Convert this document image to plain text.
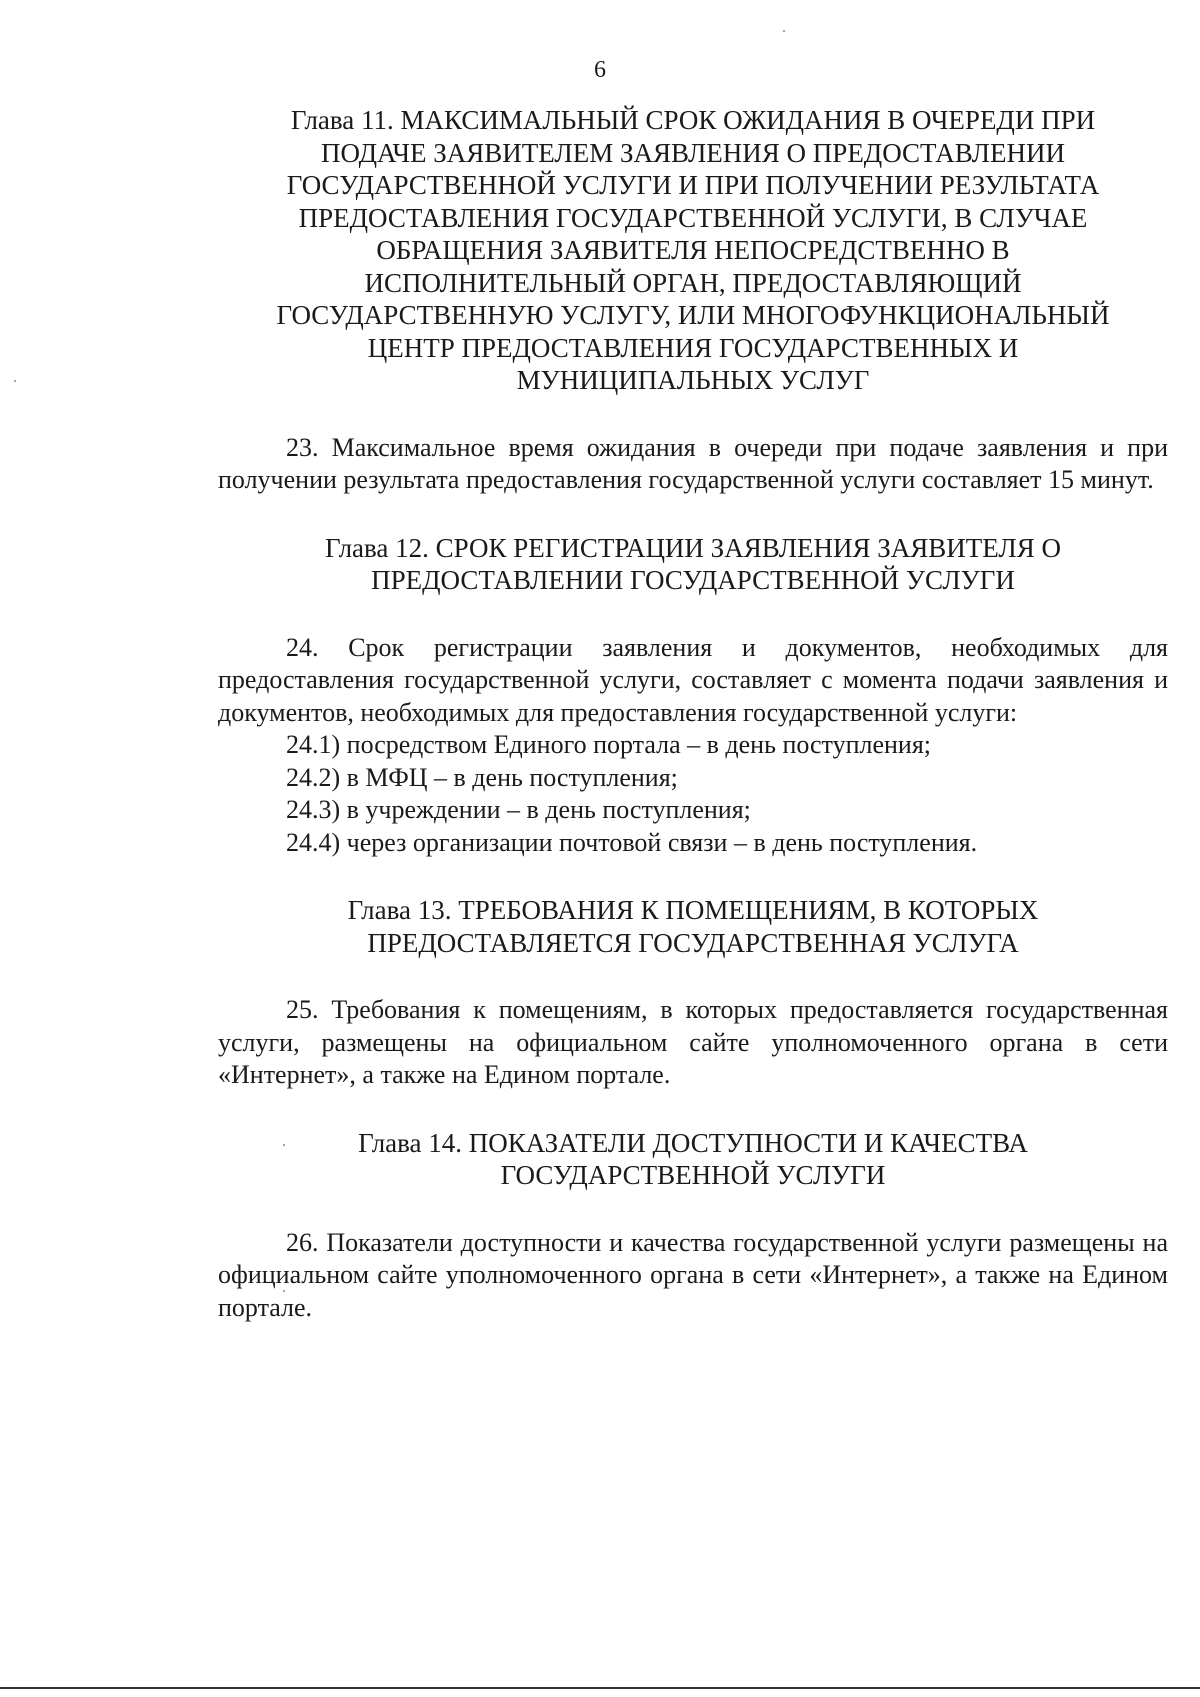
6
Глава 11. МАКСИМАЛЬНЫЙ СРОК ОЖИДАНИЯ В ОЧЕРЕДИ ПРИ
ПОДАЧЕ ЗАЯВИТЕЛЕМ ЗАЯВЛЕНИЯ О ПРЕДОСТАВЛЕНИИ
ГОСУДАРСТВЕННОЙ УСЛУГИ И ПРИ ПОЛУЧЕНИИ РЕЗУЛЬТАТА
ПРЕДОСТАВЛЕНИЯ ГОСУДАРСТВЕННОЙ УСЛУГИ, В СЛУЧАЕ
ОБРАЩЕНИЯ ЗАЯВИТЕЛЯ НЕПОСРЕДСТВЕННО В
ИСПОЛНИТЕЛЬНЫЙ ОРГАН, ПРЕДОСТАВЛЯЮЩИЙ
ГОСУДАРСТВЕННУЮ УСЛУГУ, ИЛИ МНОГОФУНКЦИОНАЛЬНЫЙ
ЦЕНТР ПРЕДОСТАВЛЕНИЯ ГОСУДАРСТВЕННЫХ И
МУНИЦИПАЛЬНЫХ УСЛУГ

23. Максимальное время ожидания в очереди при подаче заявления и при получении результата предоставления государственной услуги составляет 15 минут.

Глава 12. СРОК РЕГИСТРАЦИИ ЗАЯВЛЕНИЯ ЗАЯВИТЕЛЯ О
ПРЕДОСТАВЛЕНИИ ГОСУДАРСТВЕННОЙ УСЛУГИ

24. Срок регистрации заявления и документов, необходимых для предоставления государственной услуги, составляет с момента подачи заявления и документов, необходимых для предоставления государственной услуги:

24.1) посредством Единого портала – в день поступления;

24.2) в МФЦ – в день поступления;

24.3) в учреждении – в день поступления;

24.4) через организации почтовой связи – в день поступления.

Глава 13. ТРЕБОВАНИЯ К ПОМЕЩЕНИЯМ, В КОТОРЫХ
ПРЕДОСТАВЛЯЕТСЯ ГОСУДАРСТВЕННАЯ УСЛУГА

25. Требования к помещениям, в которых предоставляется государственная услуги, размещены на официальном сайте уполномоченного органа в сети «Интернет», а также на Едином портале.

Глава 14. ПОКАЗАТЕЛИ ДОСТУПНОСТИ И КАЧЕСТВА
ГОСУДАРСТВЕННОЙ УСЛУГИ

26. Показатели доступности и качества государственной услуги размещены на официальном сайте уполномоченного органа в сети «Интернет», а также на Едином портале.
